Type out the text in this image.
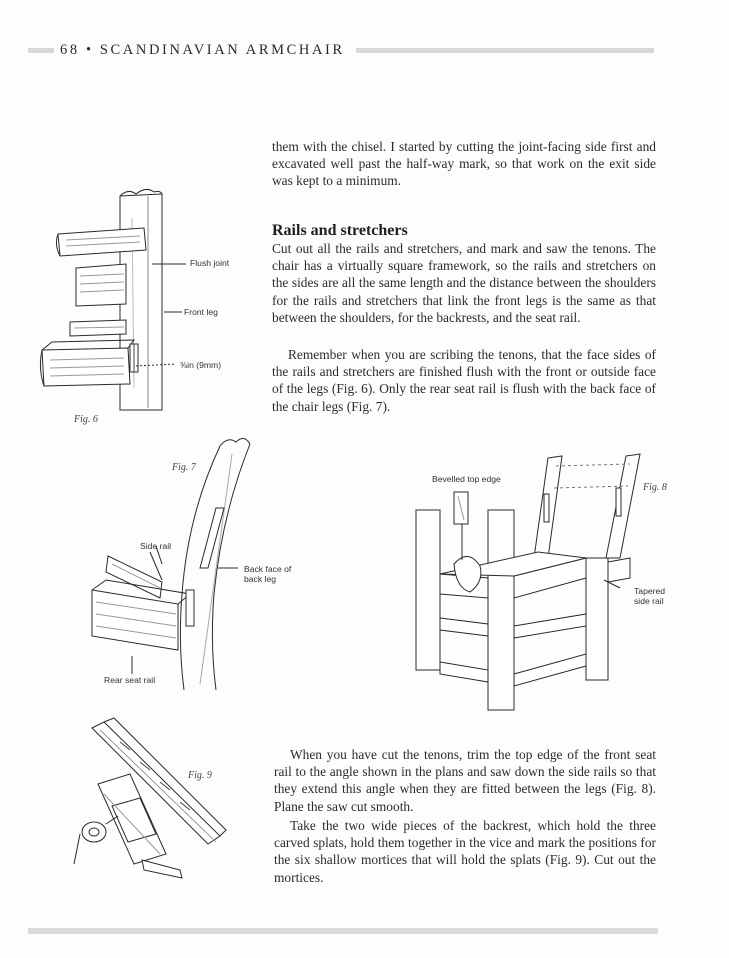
68 • SCANDINAVIAN ARMCHAIR

them with the chisel. I started by cutting the joint-facing side first and excavated well past the half-way mark, so that work on the exit side was kept to a minimum.

Rails and stretchers

Cut out all the rails and stretchers, and mark and saw the tenons. The chair has a virtually square framework, so the rails and stretchers on the sides are all the same length and the distance between the shoulders for the rails and stretchers that link the front legs is the same as that between the shoulders, for the backrests, and the seat rail.

Remember when you are scribing the tenons, that the face sides of the rails and stretchers are finished flush with the front or outside face of the legs (Fig. 6). Only the rear seat rail is flush with the back face of the chair legs (Fig. 7).

Flush joint
Front leg
⅜in (9mm)
Fig. 6
Fig. 7
Side rail
Back face of back leg
Rear seat rail
Bevelled top edge
Fig. 8
Tapered side rail
Fig. 9

When you have cut the tenons, trim the top edge of the front seat rail to the angle shown in the plans and saw down the side rails so that they extend this angle when they are fitted between the legs (Fig. 8). Plane the saw cut smooth.

Take the two wide pieces of the backrest, which hold the three carved splats, hold them together in the vice and mark the positions for the six shallow mortices that will hold the splats (Fig. 9). Cut out the mortices.
